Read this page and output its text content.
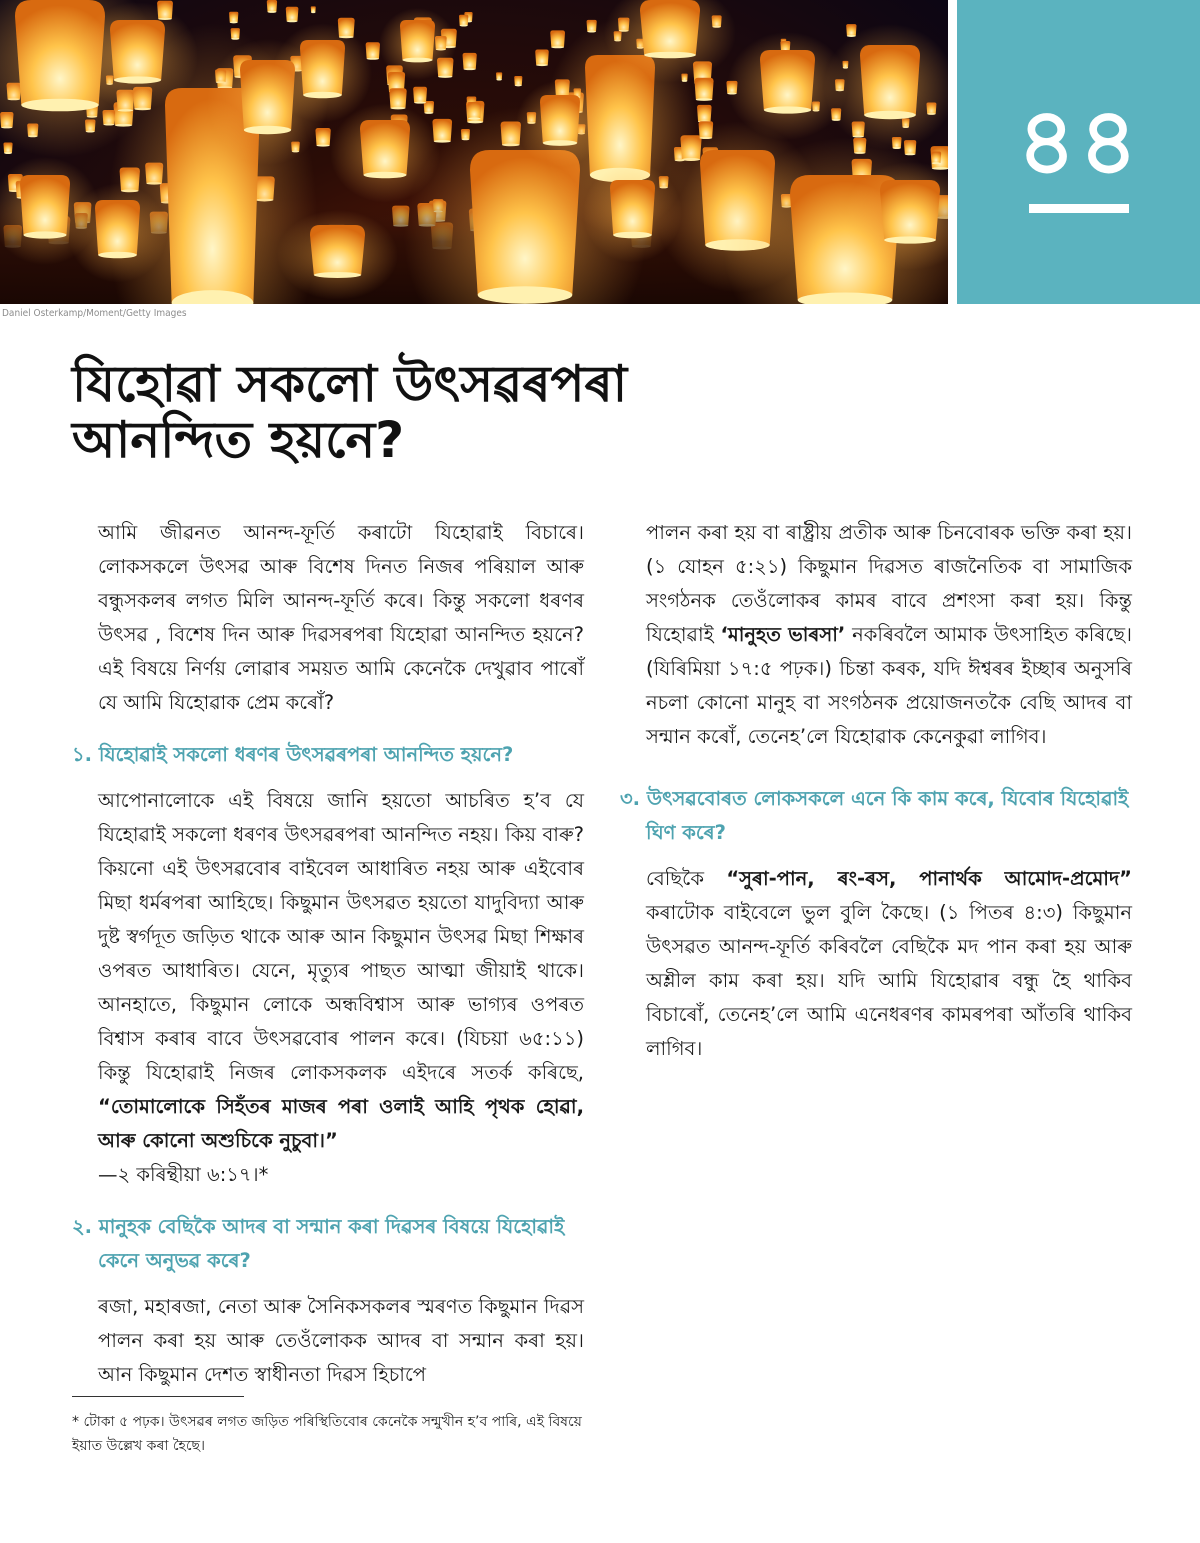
৪৪
Daniel Osterkamp/Moment/Getty Images
যিহোৱা সকলো উৎসৱৰপৰা আনন্দিত হয়নে?

আমি জীৱনত আনন্দ-ফূৰ্তি কৰাটো যিহোৱাই বিচাৰে। লোকসকলে উৎসৱ আৰু বিশেষ দিনত নিজৰ পৰিয়াল আৰু বন্ধুসকলৰ লগত মিলি আনন্দ-ফূৰ্তি কৰে। কিন্তু সকলো ধৰণৰ উৎসৱ , বিশেষ দিন আৰু দিৱসৰপৰা যিহোৱা আনন্দিত হয়নে? এই বিষয়ে নিৰ্ণয় লোৱাৰ সময়ত আমি কেনেকৈ দেখুৱাব পাৰোঁ যে আমি যিহোৱাক প্ৰেম কৰোঁ?

১. যিহোৱাই সকলো ধৰণৰ উৎসৱৰপৰা আনন্দিত হয়নে?

আপোনালোকে এই বিষয়ে জানি হয়তো আচৰিত হ’ব যে যিহোৱাই সকলো ধৰণৰ উৎসৱৰপৰা আনন্দিত নহয়। কিয় বাৰু? কিয়নো এই উৎসৱবোৰ বাইবেল আধাৰিত নহয় আৰু এইবোৰ মিছা ধৰ্মৰপৰা আহিছে। কিছুমান উৎসৱত হয়তো যাদুবিদ্যা আৰু দুষ্ট স্বৰ্গদূত জড়িত থাকে আৰু আন কিছুমান উৎসৱ মিছা শিক্ষাৰ ওপৰত আধাৰিত। যেনে, মৃত্যুৰ পাছত আত্মা জীয়াই থাকে। আনহাতে, কিছুমান লোকে অন্ধবিশ্বাস আৰু ভাগ্যৰ ওপৰত বিশ্বাস কৰাৰ বাবে উৎসৱবোৰ পালন কৰে। (যিচয়া ৬৫:১১) কিন্তু যিহোৱাই নিজৰ লোকসকলক এইদৰে সতৰ্ক কৰিছে, “তোমালোকে সিহঁতৰ মাজৰ পৰা ওলাই আহি পৃথক হোৱা, আৰু কোনো অশুচিকে নুচুবা।”
—২ কৰিন্থীয়া ৬:১৭।*

২. মানুহক বেছিকৈ আদৰ বা সন্মান কৰা দিৱসৰ বিষয়ে যিহোৱাই কেনে অনুভৱ কৰে?

ৰজা, মহাৰজা, নেতা আৰু সৈনিকসকলৰ স্মৰণত কিছুমান দিৱস পালন কৰা হয় আৰু তেওঁলোকক আদৰ বা সন্মান কৰা হয়। আন কিছুমান দেশত স্বাধীনতা দিৱস হিচাপে

পালন কৰা হয় বা ৰাষ্ট্ৰীয় প্ৰতীক আৰু চিনবোৰক ভক্তি কৰা হয়। (১ যোহন ৫:২১) কিছুমান দিৱসত ৰাজনৈতিক বা সামাজিক সংগঠনক তেওঁলোকৰ কামৰ বাবে প্ৰশংসা কৰা হয়। কিন্তু যিহোৱাই ‘মানুহত ভাৰসা’ নকৰিবলৈ আমাক উৎসাহিত কৰিছে। (যিৰিমিয়া ১৭:৫ পঢ়ক।) চিন্তা কৰক, যদি ঈশ্বৰৰ ইচ্ছাৰ অনুসৰি নচলা কোনো মানুহ বা সংগঠনক প্ৰয়োজনতকৈ বেছি আদৰ বা সন্মান কৰোঁ, তেনেহ’লে যিহোৱাক কেনেকুৱা লাগিব।

৩. উৎসৱবোৰত লোকসকলে এনে কি কাম কৰে, যিবোৰ যিহোৱাই ঘিণ কৰে?

বেছিকৈ “সুৰা-পান, ৰং-ৰস, পানাৰ্থক আমোদ-প্ৰমোদ” কৰাটোক বাইবেলে ভুল বুলি কৈছে। (১ পিতৰ ৪:৩) কিছুমান উৎসৱত আনন্দ-ফূৰ্তি কৰিবলৈ বেছিকৈ মদ পান কৰা হয় আৰু অশ্লীল কাম কৰা হয়। যদি আমি যিহোৱাৰ বন্ধু হৈ থাকিব বিচাৰোঁ, তেনেহ’লে আমি এনেধৰণৰ কামৰপৰা আঁতৰি থাকিব লাগিব।

* টোকা ৫ পঢ়ক। উৎসৱৰ লগত জড়িত পৰিস্থিতিবোৰ কেনেকৈ সন্মুখীন হ’ব পাৰি, এই বিষয়ে ইয়াত উল্লেখ কৰা হৈছে।
